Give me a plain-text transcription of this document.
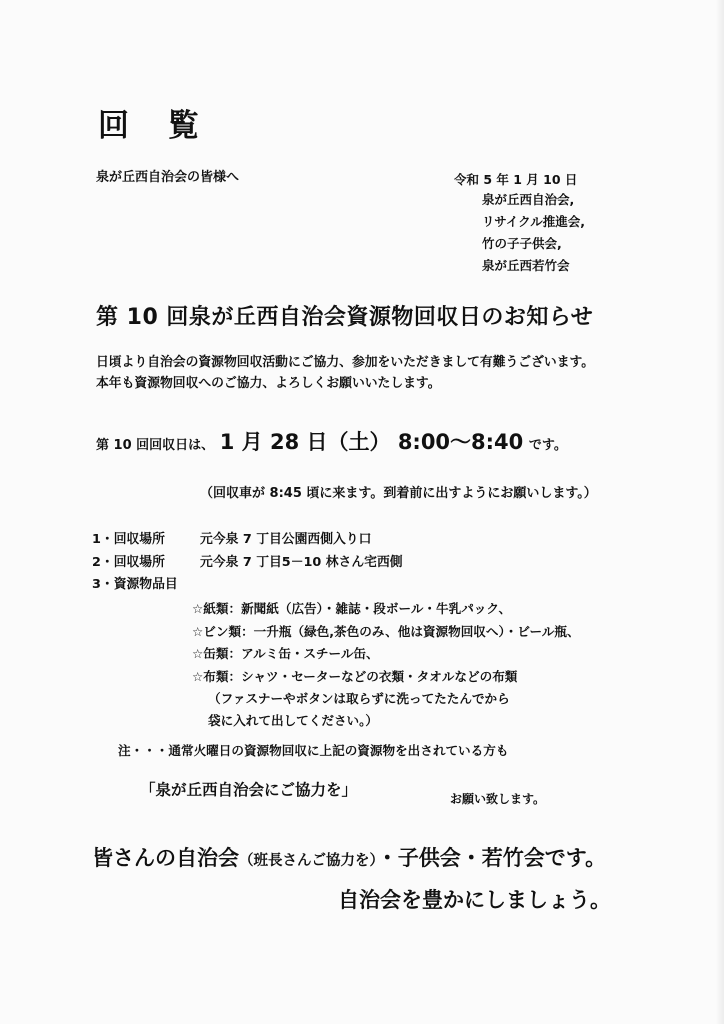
回 覧
泉が丘西自治会の皆様へ	令和 5 年 1 月 10 日

泉が丘西自治会,

リサイクル推進会,

竹の子子供会,

泉が丘西若竹会

第 10 回泉が丘西自治会資源物回収日のお知らせ
日頃より自治会の資源物回収活動にご協力、参加をいただきまして有難うございます。
本年も資源物回収へのご協力、よろしくお願いいたします。
第 10 回回収日は、 1 月 28 日（土） 8:00〜8:40 です。
（回収車が 8:45 頃に来ます。到着前に出すようにお願いします。）
1・回収場所	元今泉 7 丁目公園西側入り口
2・回収場所	元今泉 7 丁目5－10 林さん宅西側
3・資源物品目
☆紙類：新聞紙（広告）・雑誌・段ボール・牛乳パック、
☆ビン類：一升瓶（緑色,茶色のみ、他は資源物回収へ）・ビール瓶、
☆缶類：アルミ缶・スチール缶、
☆布類：シャツ・セーターなどの衣類・タオルなどの布類
（ファスナーやボタンは取らずに洗ってたたんでから
袋に入れて出してください。）
注・・・通常火曜日の資源物回収に上記の資源物を出されている方も
「泉が丘西自治会にご協力を」	お願い致します。
皆さんの自治会（班長さんご協力を）・子供会・若竹会です。
自治会を豊かにしましょう。
